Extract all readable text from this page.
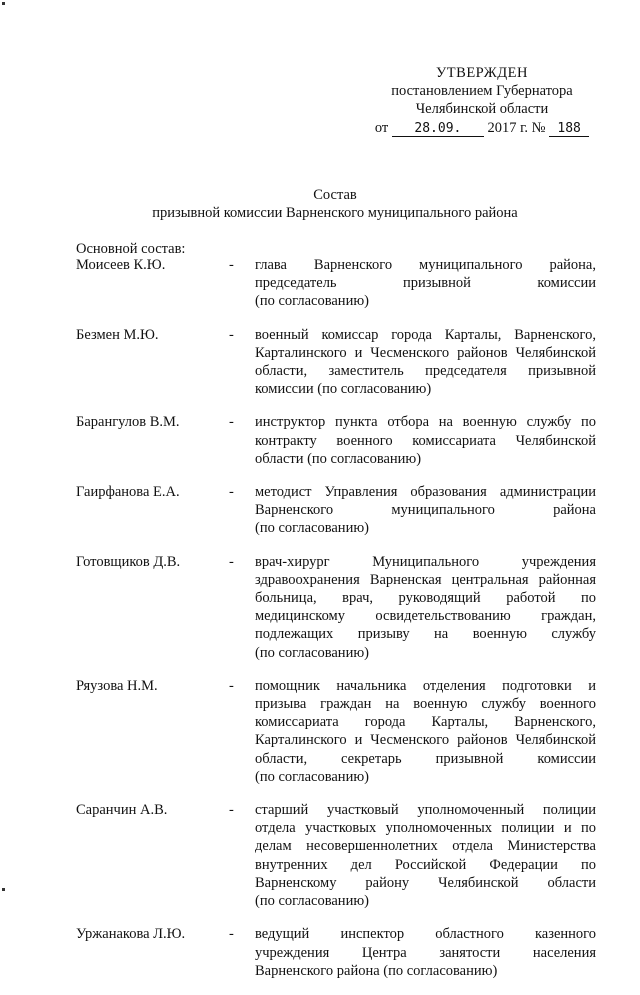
УТВЕРЖДЕН
постановлением Губернатора
Челябинской области
от 28.09. 2017 г. № 188
Состав
призывной комиссии Варненского муниципального района
Основной состав:
Моисеев К.Ю.	-	глава Варненского муниципального района,
председатель призывной комиссии
(по согласованию)
Безмен М.Ю.	-	военный комиссар города Карталы, Варненского,
Карталинского и Чесменского районов Челябинской
области, заместитель председателя призывной
комиссии (по согласованию)
Барангулов В.М.	-	инструктор пункта отбора на военную службу по
контракту военного комиссариата Челябинской
области (по согласованию)
Гаирфанова Е.А.	-	методист Управления образования администрации
Варненского муниципального района
(по согласованию)
Готовщиков Д.В.	-	врач-хирург Муниципального учреждения
здравоохранения Варненская центральная районная
больница, врач, руководящий работой по
медицинскому освидетельствованию граждан,
подлежащих призыву на военную службу
(по согласованию)
Ряузова Н.М.	-	помощник начальника отделения подготовки и
призыва граждан на военную службу военного
комиссариата города Карталы, Варненского,
Карталинского и Чесменского районов Челябинской
области, секретарь призывной комиссии
(по согласованию)
Саранчин А.В.	-	старший участковый уполномоченный полиции
отдела участковых уполномоченных полиции и по
делам несовершеннолетних отдела Министерства
внутренних дел Российской Федерации по
Варненскому району Челябинской области
(по согласованию)
Уржанакова Л.Ю.	-	ведущий инспектор областного казенного
учреждения Центра занятости населения
Варненского района (по согласованию)
